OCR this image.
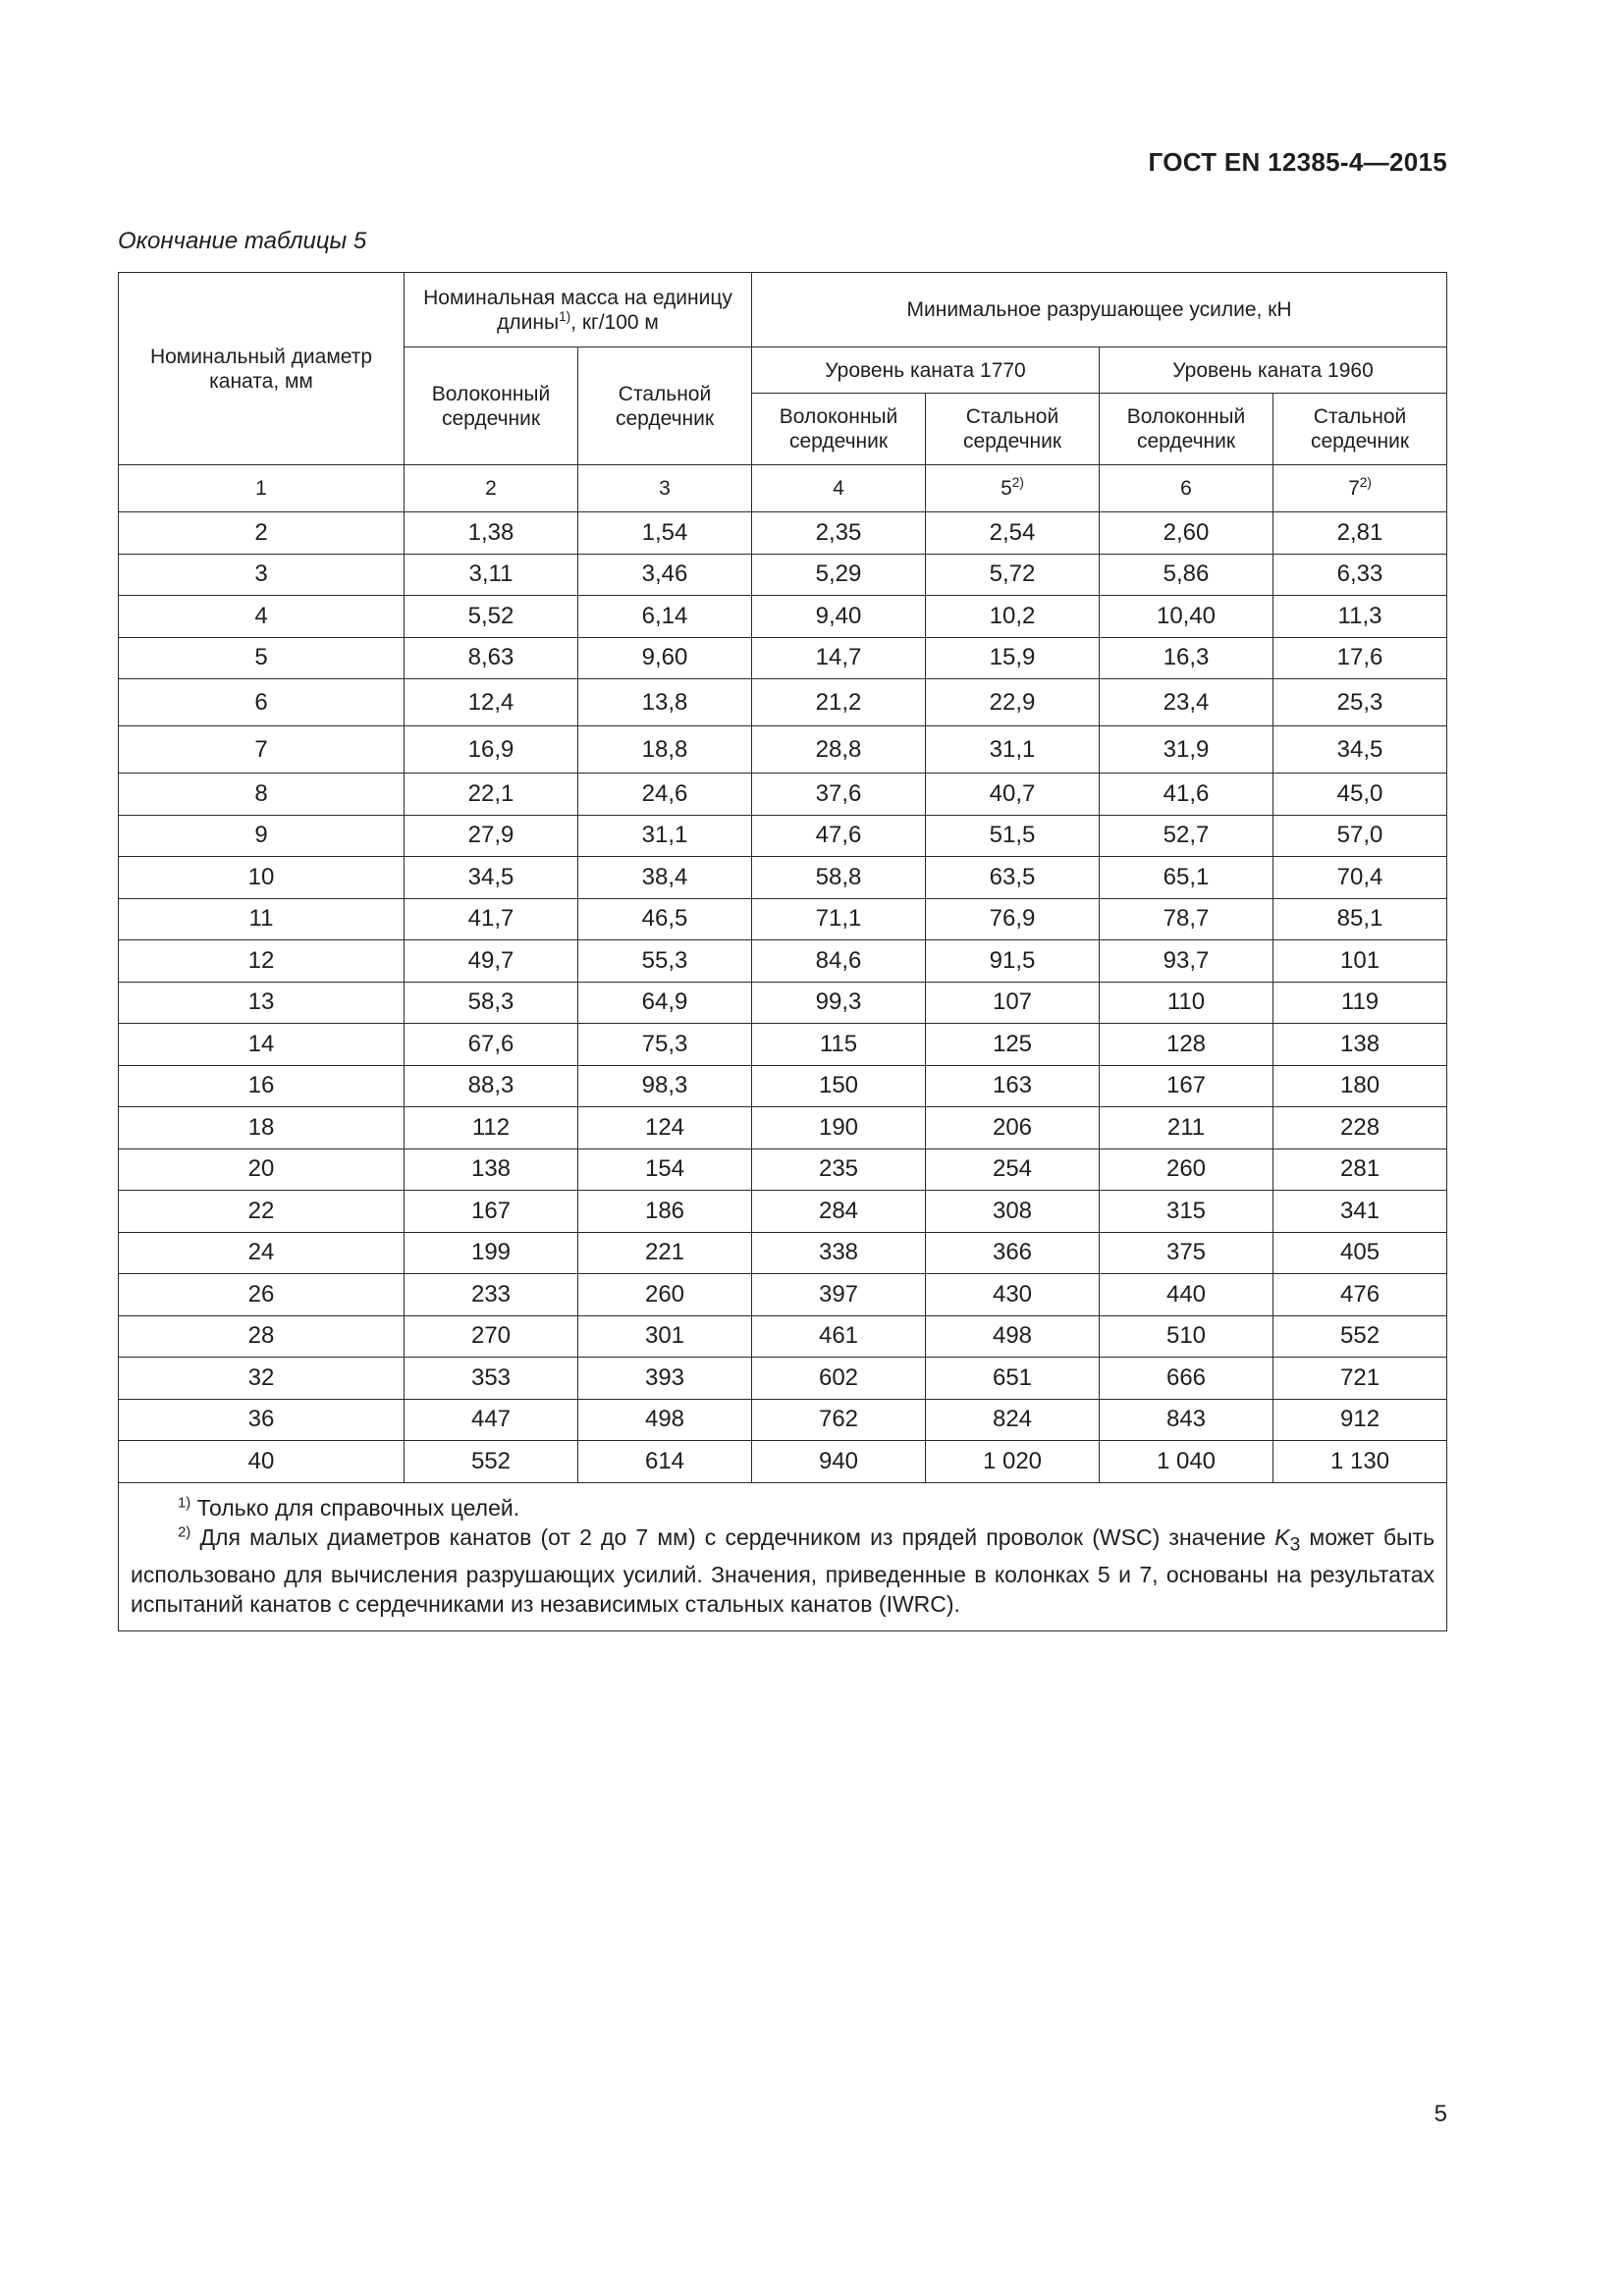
ГОСТ EN 12385-4—2015
Окончание таблицы 5
Номинальный диаметр каната, мм	Номинальная масса на единицу длины$^{1)}$, кг/100 м		Минимальное разрушающее усилие, кН			
	Волоконный сердечник	Стальной сердечник	Уровень каната 1770		Уровень каната 1960	
			Волоконный сердечник	Стальной сердечник	Волоконный сердечник	Стальной сердечник
1	2	3	4	5$^{2)}$	6	7$^{2)}$
2	1,38	1,54	2,35	2,54	2,60	2,81
3	3,11	3,46	5,29	5,72	5,86	6,33
4	5,52	6,14	9,40	10,2	10,40	11,3
5	8,63	9,60	14,7	15,9	16,3	17,6
6	12,4	13,8	21,2	22,9	23,4	25,3
7	16,9	18,8	28,8	31,1	31,9	34,5
8	22,1	24,6	37,6	40,7	41,6	45,0
9	27,9	31,1	47,6	51,5	52,7	57,0
10	34,5	38,4	58,8	63,5	65,1	70,4
11	41,7	46,5	71,1	76,9	78,7	85,1
12	49,7	55,3	84,6	91,5	93,7	101
13	58,3	64,9	99,3	107	110	119
14	67,6	75,3	115	125	128	138
16	88,3	98,3	150	163	167	180
18	112	124	190	206	211	228
20	138	154	235	254	260	281
22	167	186	284	308	315	341
24	199	221	338	366	375	405
26	233	260	397	430	440	476
28	270	301	461	498	510	552
32	353	393	602	651	666	721
36	447	498	762	824	843	912
40	552	614	940	1 020	1 040	1 130

$^{1)}$ Только для справочных целей.
$^{2)}$ Для малых диаметров канатов (от 2 до 7 мм) с сердечником из прядей проволок (WSC) значение $K_3$ может быть использовано для вычисления разрушающих усилий. Значения, приведенные в колонках 5 и 7, основаны на результатах испытаний канатов с сердечниками из независимых стальных канатов (IWRC).						
5
